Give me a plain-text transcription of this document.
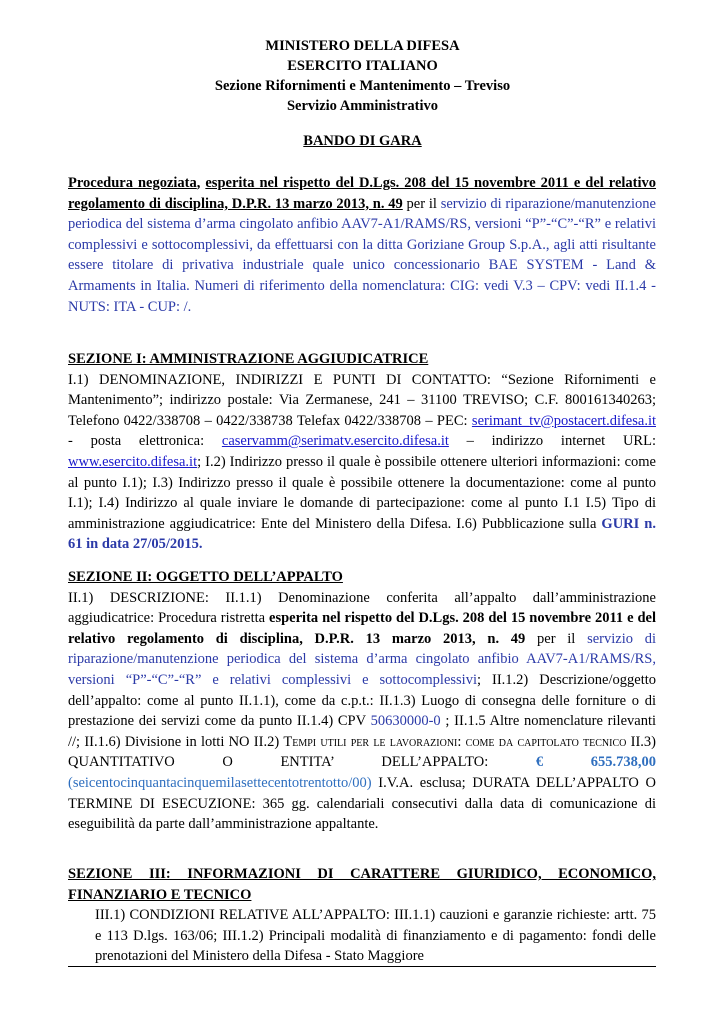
MINISTERO DELLA DIFESA
ESERCITO ITALIANO
Sezione Rifornimenti e Mantenimento – Treviso
Servizio Amministrativo
BANDO DI GARA

Procedura negoziata, esperita nel rispetto del D.Lgs. 208 del 15 novembre 2011 e del relativo regolamento di disciplina, D.P.R. 13 marzo 2013, n. 49 per il servizio di riparazione/manutenzione periodica del sistema d’arma cingolato anfibio AAV7-A1/RAMS/RS, versioni “P”-“C”-“R” e relativi complessivi e sottocomplessivi, da effettuarsi con la ditta Goriziane Group S.p.A., agli atti risultante essere titolare di privativa industriale quale unico concessionario BAE SYSTEM - Land & Armaments in Italia. Numeri di riferimento della nomenclatura: CIG: vedi V.3 – CPV: vedi II.1.4 - NUTS: ITA - CUP: /.

SEZIONE I: AMMINISTRAZIONE AGGIUDICATRICE

I.1) DENOMINAZIONE, INDIRIZZI E PUNTI DI CONTATTO: “Sezione Rifornimenti e Mantenimento”; indirizzo postale: Via Zermanese, 241 – 31100 TREVISO; C.F. 800161340263; Telefono 0422/338708 – 0422/338738 Telefax 0422/338708 – PEC: serimant_tv@postacert.difesa.it - posta elettronica: caservamm@serimatv.esercito.difesa.it – indirizzo internet URL: www.esercito.difesa.it; I.2) Indirizzo presso il quale è possibile ottenere ulteriori informazioni: come al punto I.1); I.3) Indirizzo presso il quale è possibile ottenere la documentazione: come al punto I.1); I.4) Indirizzo al quale inviare le domande di partecipazione: come al punto I.1 I.5) Tipo di amministrazione aggiudicatrice: Ente del Ministero della Difesa. I.6) Pubblicazione sulla GURI n. 61 in data 27/05/2015.

SEZIONE II: OGGETTO DELL’APPALTO

II.1) DESCRIZIONE: II.1.1) Denominazione conferita all’appalto dall’amministrazione aggiudicatrice: Procedura ristretta esperita nel rispetto del D.Lgs. 208 del 15 novembre 2011 e del relativo regolamento di disciplina, D.P.R. 13 marzo 2013, n. 49 per il servizio di riparazione/manutenzione periodica del sistema d’arma cingolato anfibio AAV7-A1/RAMS/RS, versioni “P”-“C”-“R” e relativi complessivi e sottocomplessivi; II.1.2) Descrizione/oggetto dell’appalto: come al punto II.1.1), come da c.p.t.: II.1.3) Luogo di consegna delle forniture o di prestazione dei servizi come da punto II.1.4) CPV 50630000-0 ; II.1.5 Altre nomenclature rilevanti //; II.1.6) Divisione in lotti NO II.2) Tempi utili per le lavorazioni: come da capitolato tecnico II.3) QUANTITATIVO O ENTITA’ DELL’APPALTO: € 655.738,00 (seicentocinquantacinquemilasettecentotrentotto/00) I.V.A. esclusa; DURATA DELL’APPALTO O TERMINE DI ESECUZIONE: 365 gg. calendariali consecutivi dalla data di comunicazione di eseguibilità da parte dall’amministrazione appaltante.

SEZIONE III: INFORMAZIONI DI CARATTERE GIURIDICO, ECONOMICO, FINANZIARIO E TECNICO

III.1) CONDIZIONI RELATIVE ALL’APPALTO: III.1.1) cauzioni e garanzie richieste: artt. 75 e 113 D.lgs. 163/06; III.1.2) Principali modalità di finanziamento e di pagamento: fondi delle prenotazioni del Ministero della Difesa - Stato Maggiore
